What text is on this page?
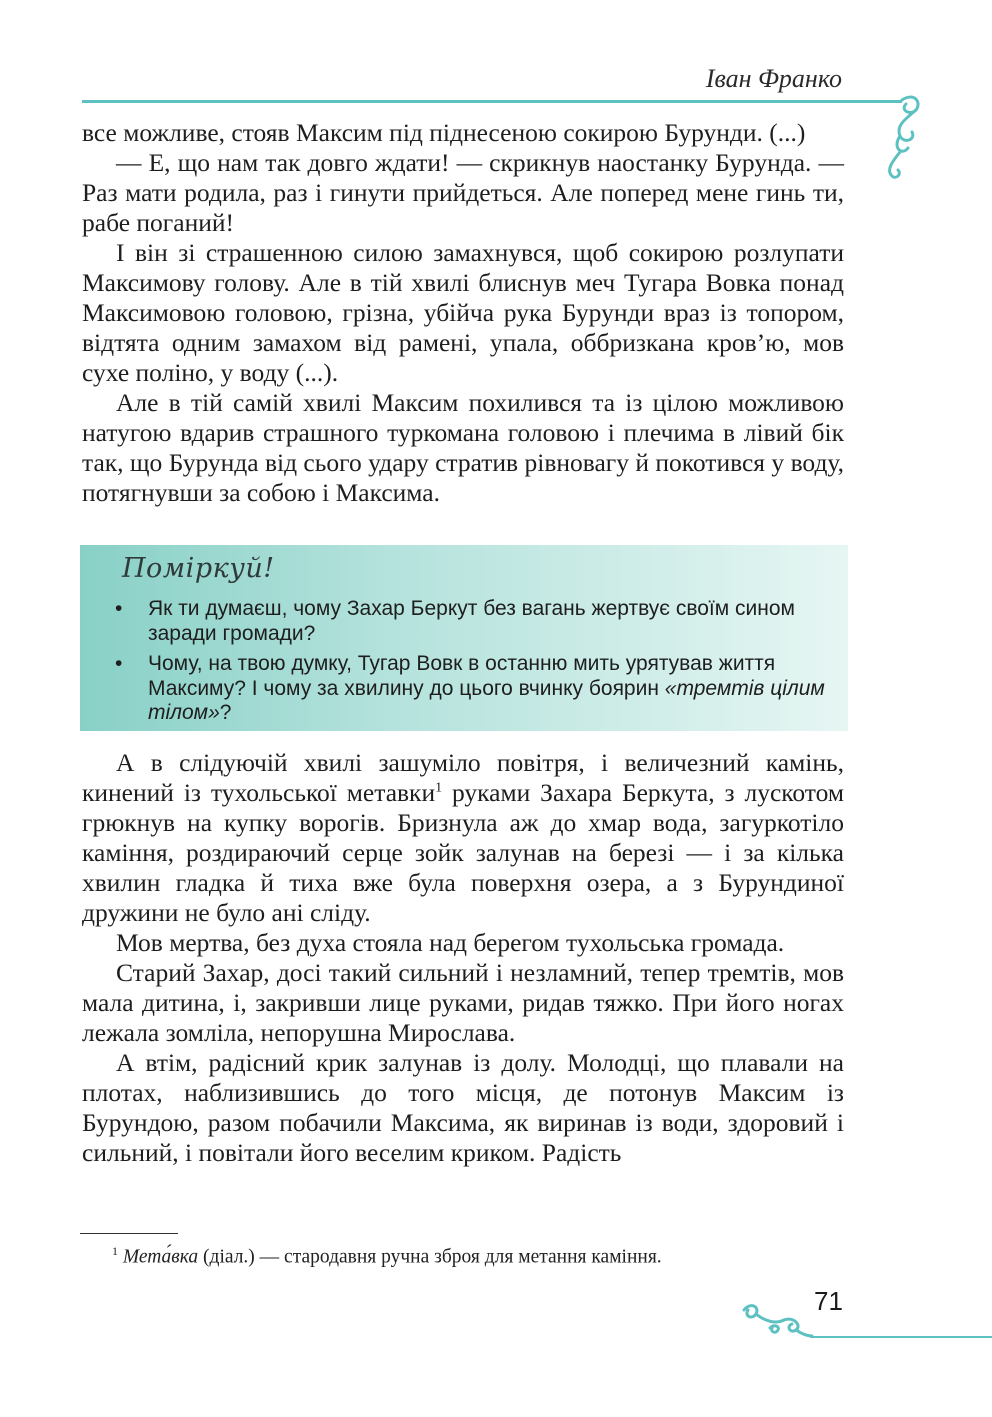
Іван Франко

все можливе, стояв Максим під піднесеною сокирою Бурунди. (...)

— Е, що нам так довго ждати! — скрикнув наостанку Бурунда. — Раз мати родила, раз і гинути прийдеться. Але поперед мене гинь ти, рабе поганий!

І він зі страшенною силою замахнувся, щоб сокирою розлупати Максимову голову. Але в тій хвилі блиснув меч Тугара Вовка понад Максимовою головою, грізна, убійча рука Бурунди враз із топором, відтята одним замахом від рамені, упала, оббризкана кров’ю, мов сухе поліно, у воду (...).

Але в тій самій хвилі Максим похилився та із цілою можливою натугою вдарив страшного туркомана головою і плечима в лівий бік так, що Бурунда від сього удару стратив рівновагу й покотився у воду, потягнувши за собою і Максима.

Поміркуй!
• Як ти думаєш, чому Захар Беркут без вагань жертвує своїм сином заради громади?
• Чому, на твою думку, Тугар Вовк в останню мить урятував життя Максиму? І чому за хвилину до цього вчинку боярин «тремтів цілим тілом»?

А в слідуючій хвилі зашуміло повітря, і величезний камінь, кинений із тухольської метавки$^1$ руками Захара Беркута, з лускотом грюкнув на купку ворогів. Бризнула аж до хмар вода, загуркотіло каміння, роздираючий серце зойк залунав на березі — і за кілька хвилин гладка й тиха вже була поверхня озера, а з Бурундиної дружини не було ані сліду.

Мов мертва, без духа стояла над берегом тухольська громада.

Старий Захар, досі такий сильний і незламний, тепер тремтів, мов мала дитина, і, закривши лице руками, ридав тяжко. При його ногах лежала зомліла, непорушна Мирослава.

А втім, радісний крик залунав із долу. Молодці, що плавали на плотах, наблизившись до того місця, де потонув Максим із Бурундою, разом побачили Максима, як виринав із води, здоровий і сильний, і повітали його веселим криком. Радість

$^1$ Мета́вка (діал.) — стародавня ручна зброя для метання каміння.
71
